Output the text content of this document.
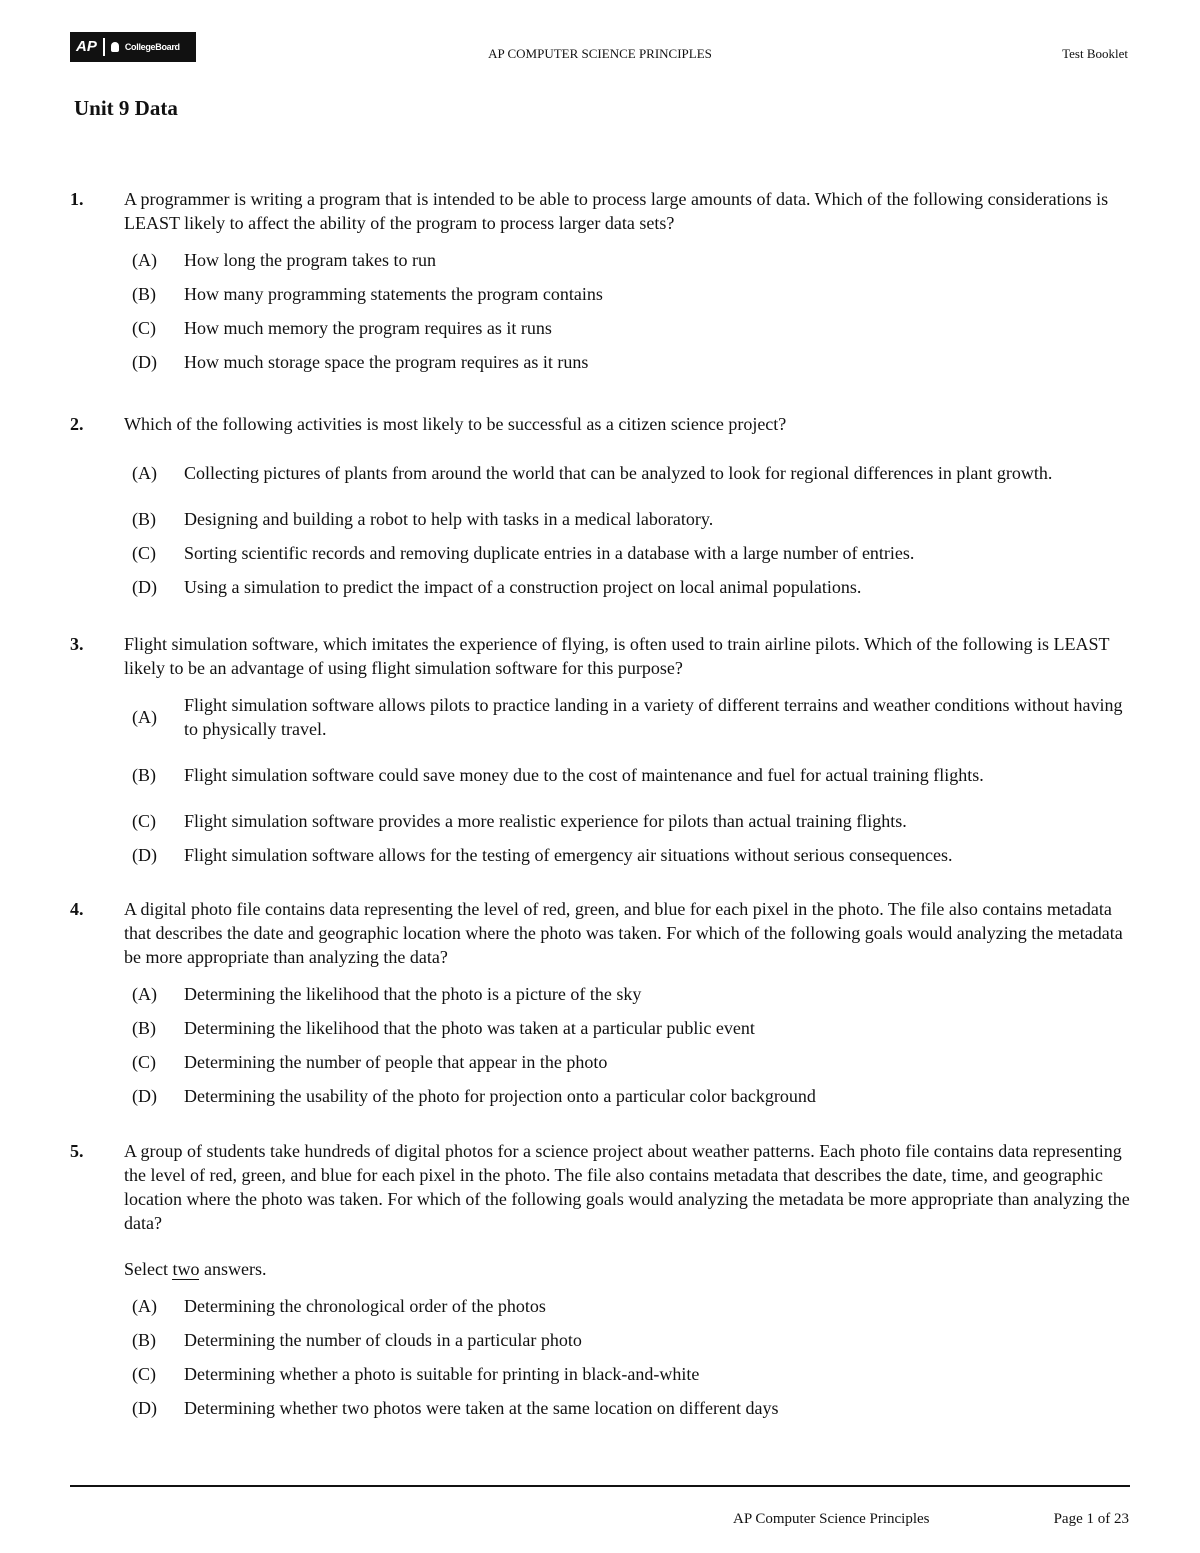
AP	CollegeBoard	AP COMPUTER SCIENCE PRINCIPLES	Test Booklet
Unit 9 Data
1. A programmer is writing a program that is intended to be able to process large amounts of data. Which of the following considerations is LEAST likely to affect the ability of the program to process larger data sets?
(A)	How long the program takes to run
(B)	How many programming statements the program contains
(C)	How much memory the program requires as it runs
(D)	How much storage space the program requires as it runs
2. Which of the following activities is most likely to be successful as a citizen science project?
(A)	Collecting pictures of plants from around the world that can be analyzed to look for regional differences in plant growth.
(B)	Designing and building a robot to help with tasks in a medical laboratory.
(C)	Sorting scientific records and removing duplicate entries in a database with a large number of entries.
(D)	Using a simulation to predict the impact of a construction project on local animal populations.
3. Flight simulation software, which imitates the experience of flying, is often used to train airline pilots. Which of the following is LEAST likely to be an advantage of using flight simulation software for this purpose?
(A)
Flight simulation software allows pilots to practice landing in a variety of different terrains and weather conditions without having to physically travel.
(B)	Flight simulation software could save money due to the cost of maintenance and fuel for actual training flights.
(C)	Flight simulation software provides a more realistic experience for pilots than actual training flights.
(D)	Flight simulation software allows for the testing of emergency air situations without serious consequences.
4. A digital photo file contains data representing the level of red, green, and blue for each pixel in the photo. The file also contains metadata that describes the date and geographic location where the photo was taken. For which of the following goals would analyzing the metadata be more appropriate than analyzing the data?
(A)	Determining the likelihood that the photo is a picture of the sky
(B)	Determining the likelihood that the photo was taken at a particular public event
(C)	Determining the number of people that appear in the photo
(D)	Determining the usability of the photo for projection onto a particular color background
5. A group of students take hundreds of digital photos for a science project about weather patterns. Each photo file contains data representing the level of red, green, and blue for each pixel in the photo. The file also contains metadata that describes the date, time, and geographic location where the photo was taken. For which of the following goals would analyzing the metadata be more appropriate than analyzing the data?
Select two answers.
(A)	Determining the chronological order of the photos
(B)	Determining the number of clouds in a particular photo
(C)	Determining whether a photo is suitable for printing in black-and-white
(D)	Determining whether two photos were taken at the same location on different days
AP Computer Science Principles	Page 1 of 23
